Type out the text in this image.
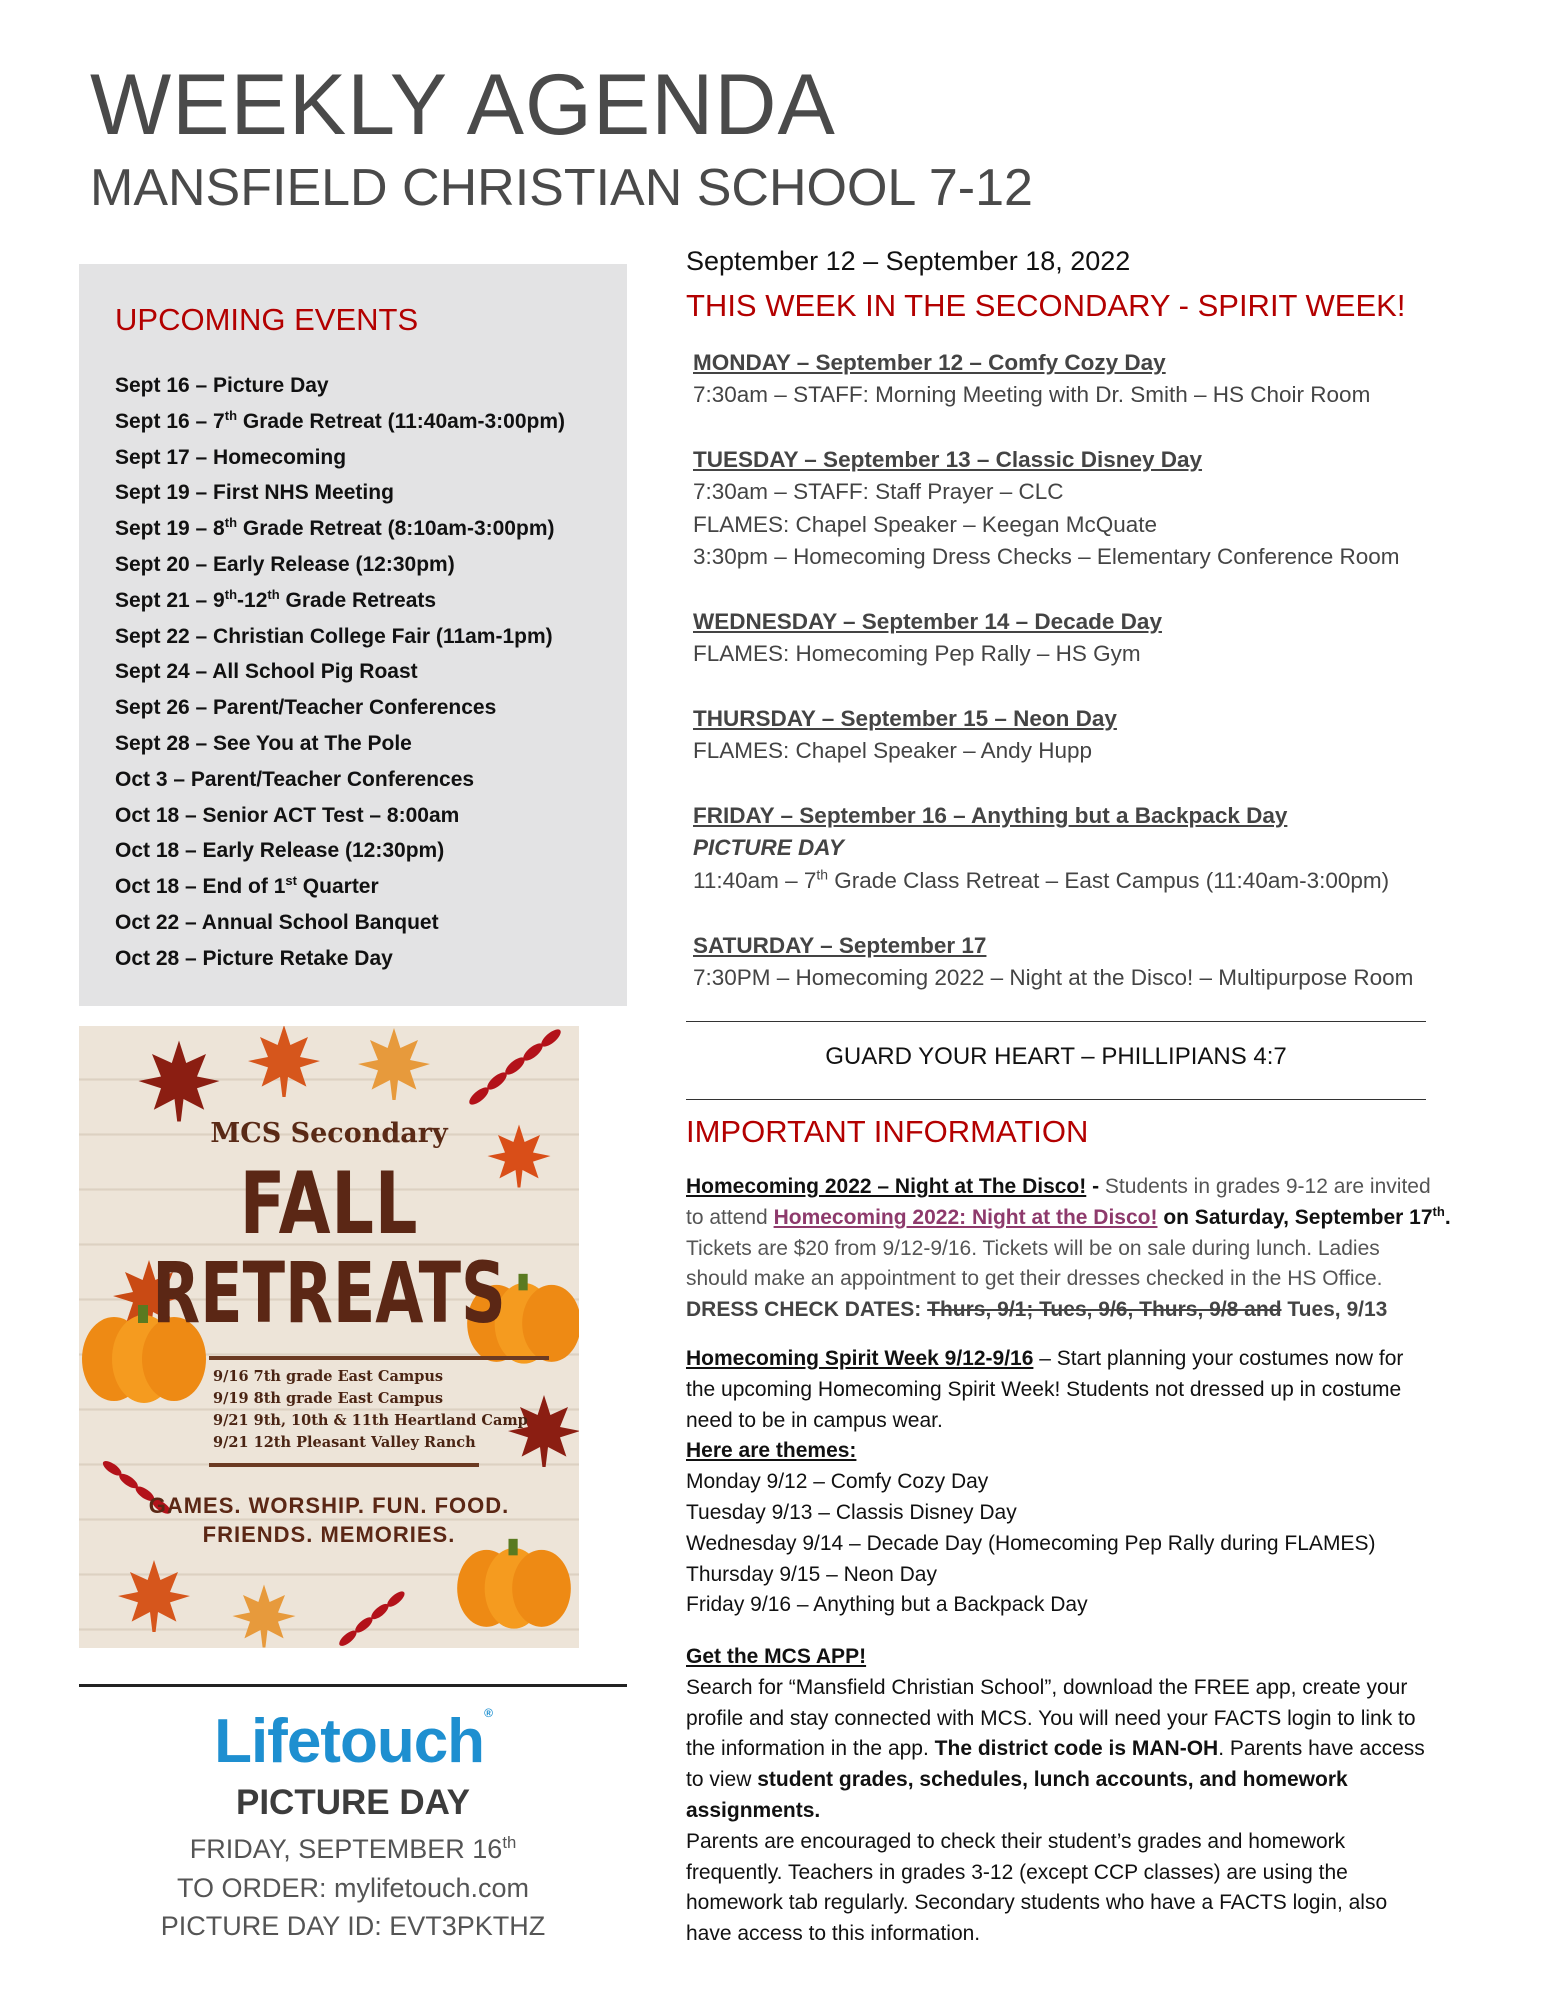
WEEKLY AGENDA
MANSFIELD CHRISTIAN SCHOOL 7-12
UPCOMING EVENTS
Sept 16 – Picture Day
Sept 16 – 7th Grade Retreat (11:40am-3:00pm)
Sept 17 – Homecoming
Sept 19 – First NHS Meeting
Sept 19 – 8th Grade Retreat (8:10am-3:00pm)
Sept 20 – Early Release (12:30pm)
Sept 21 – 9th-12th Grade Retreats
Sept 22 – Christian College Fair (11am-1pm)
Sept 24 – All School Pig Roast
Sept 26 – Parent/Teacher Conferences
Sept 28 – See You at The Pole
Oct 3 – Parent/Teacher Conferences
Oct 18 – Senior ACT Test – 8:00am
Oct 18 – Early Release (12:30pm)
Oct 18 – End of 1st Quarter
Oct 22 – Annual School Banquet
Oct 28 – Picture Retake Day
MCS Secondary
FALL
RETREATS
9/16 7th grade East Campus
9/19 8th grade East Campus
9/21 9th, 10th & 11th Heartland Camp
9/21 12th Pleasant Valley Ranch
GAMES. WORSHIP. FUN. FOOD.
FRIENDS. MEMORIES.
Lifetouch®
PICTURE DAY
FRIDAY, SEPTEMBER 16th
TO ORDER: mylifetouch.com
PICTURE DAY ID: EVT3PKTHZ
September 12 – September 18, 2022
THIS WEEK IN THE SECONDARY - SPIRIT WEEK!
MONDAY – September 12 – Comfy Cozy Day
7:30am – STAFF: Morning Meeting with Dr. Smith – HS Choir Room
TUESDAY – September 13 – Classic Disney Day
7:30am – STAFF: Staff Prayer – CLC
FLAMES: Chapel Speaker – Keegan McQuate
3:30pm – Homecoming Dress Checks – Elementary Conference Room
WEDNESDAY – September 14 – Decade Day
FLAMES: Homecoming Pep Rally – HS Gym
THURSDAY – September 15 – Neon Day
FLAMES: Chapel Speaker – Andy Hupp
FRIDAY – September 16 – Anything but a Backpack Day
PICTURE DAY
11:40am – 7th Grade Class Retreat – East Campus (11:40am-3:00pm)
SATURDAY – September 17
7:30PM – Homecoming 2022 – Night at the Disco! – Multipurpose Room
GUARD YOUR HEART – PHILLIPIANS 4:7
IMPORTANT INFORMATION
Homecoming 2022 – Night at The Disco! - Students in grades 9-12 are invited
to attend Homecoming 2022: Night at the Disco! on Saturday, September 17th.
Tickets are $20 from 9/12-9/16. Tickets will be on sale during lunch. Ladies
should make an appointment to get their dresses checked in the HS Office.
DRESS CHECK DATES: Thurs, 9/1; Tues, 9/6, Thurs, 9/8 and Tues, 9/13
Homecoming Spirit Week 9/12-9/16 – Start planning your costumes now for
the upcoming Homecoming Spirit Week! Students not dressed up in costume
need to be in campus wear.
Here are themes:
Monday 9/12 – Comfy Cozy Day
Tuesday 9/13 – Classis Disney Day
Wednesday 9/14 – Decade Day (Homecoming Pep Rally during FLAMES)
Thursday 9/15 – Neon Day
Friday 9/16 – Anything but a Backpack Day
Get the MCS APP!
Search for “Mansfield Christian School”, download the FREE app, create your
profile and stay connected with MCS. You will need your FACTS login to link to
the information in the app. The district code is MAN-OH. Parents have access
to view student grades, schedules, lunch accounts, and homework
assignments.
Parents are encouraged to check their student’s grades and homework
frequently. Teachers in grades 3-12 (except CCP classes) are using the
homework tab regularly. Secondary students who have a FACTS login, also
have access to this information.
